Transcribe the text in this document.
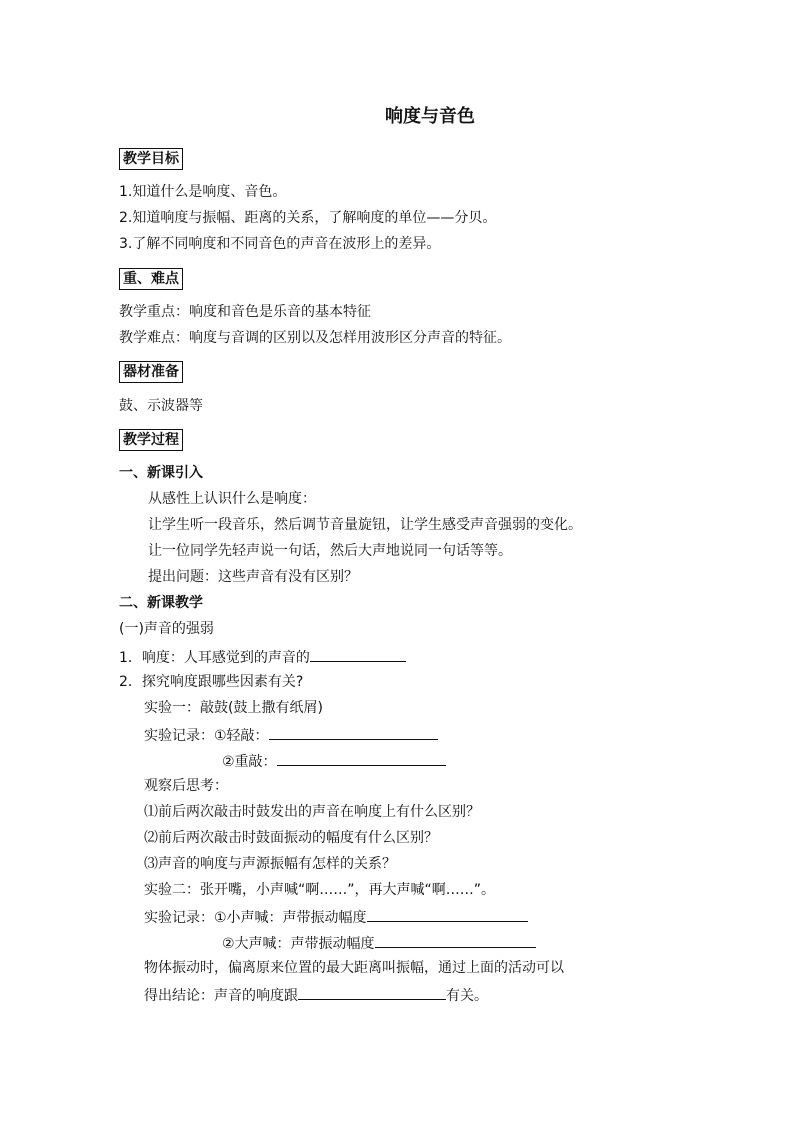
响度与音色
教学目标
1.知道什么是响度、音色。
2.知道响度与振幅、距离的关系，了解响度的单位——分贝。
3.了解不同响度和不同音色的声音在波形上的差异。
重、难点
教学重点：响度和音色是乐音的基本特征
教学难点：响度与音调的区别以及怎样用波形区分声音的特征。
器材准备
鼓、示波器等
教学过程
一、新课引入
从感性上认识什么是响度：
让学生听一段音乐，然后调节音量旋钮，让学生感受声音强弱的变化。
让一位同学先轻声说一句话，然后大声地说同一句话等等。
提出问题：这些声音有没有区别？
二、新课教学
(一)声音的强弱
1．响度：人耳感觉到的声音的
2．探究响度跟哪些因素有关?
实验一：敲鼓(鼓上撒有纸屑)
实验记录：①轻敲：
②重敲：
观察后思考：
⑴前后两次敲击时鼓发出的声音在响度上有什么区别？
⑵前后两次敲击时鼓面振动的幅度有什么区别？
⑶声音的响度与声源振幅有怎样的关系？
实验二：张开嘴，小声喊“啊……”，再大声喊“啊……”。
实验记录：①小声喊：声带振动幅度
②大声喊：声带振动幅度
物体振动时，偏离原来位置的最大距离叫振幅，通过上面的活动可以
得出结论：声音的响度跟	有关。
